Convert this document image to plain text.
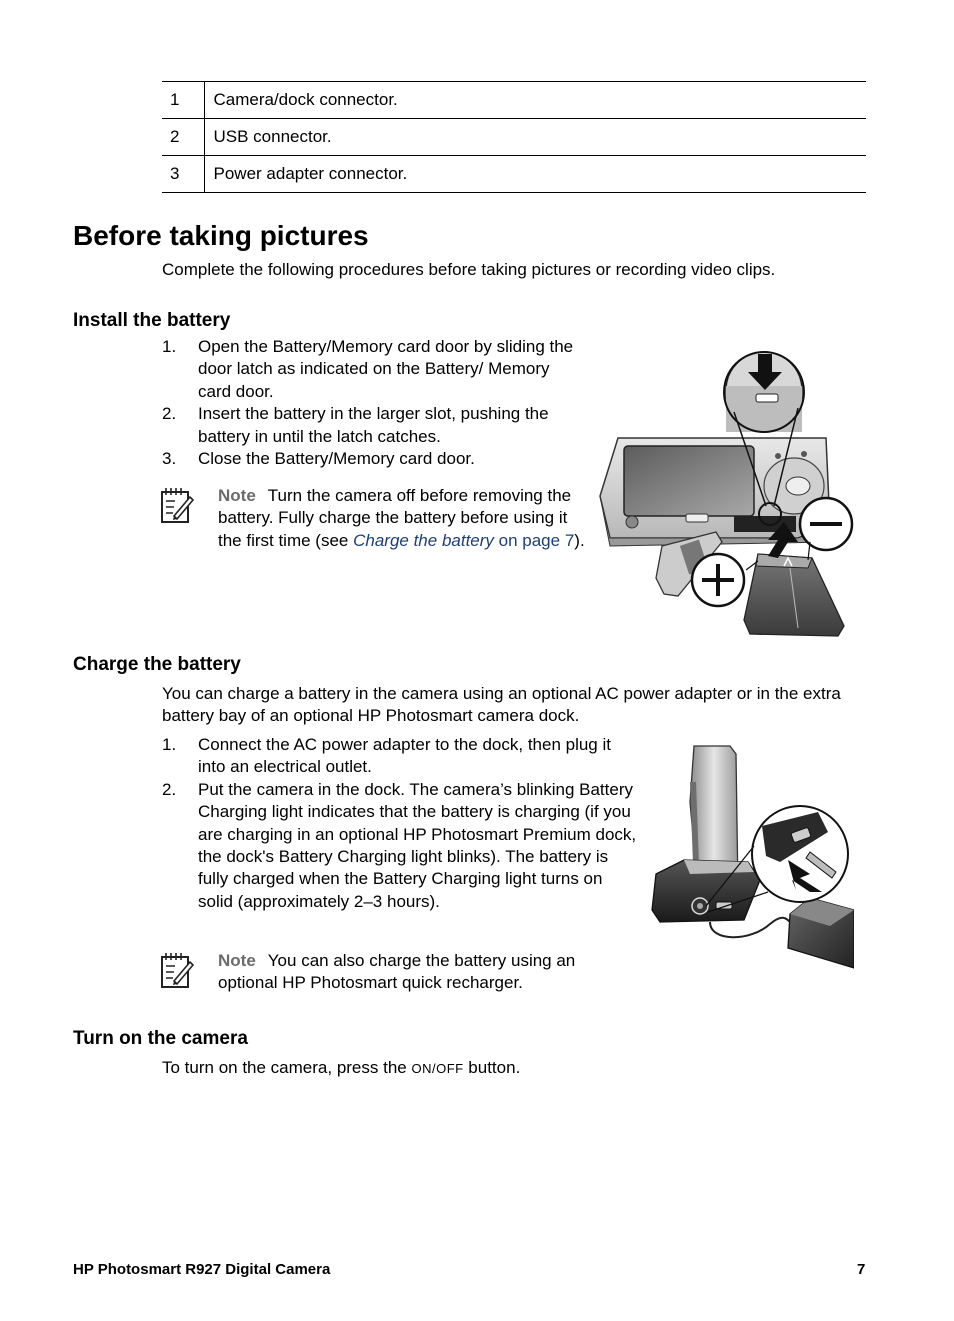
1	Camera/dock connector.
2	USB connector.
3	Power adapter connector.
Before taking pictures

Complete the following procedures before taking pictures or recording video clips.

Install the battery
1. Open the Battery/Memory card door by sliding the door latch as indicated on the Battery/ Memory card door.
2. Insert the battery in the larger slot, pushing the battery in until the latch catches.
3. Close the Battery/Memory card door.
Note Turn the camera off before removing the battery. Fully charge the battery before using it the first time (see Charge the battery on page 7).
Charge the battery

You can charge a battery in the camera using an optional AC power adapter or in the extra battery bay of an optional HP Photosmart camera dock.

1. Connect the AC power adapter to the dock, then plug it into an electrical outlet.
2. Put the camera in the dock. The camera’s blinking Battery Charging light indicates that the battery is charging (if you are charging in an optional HP Photosmart Premium dock, the dock's Battery Charging light blinks). The battery is fully charged when the Battery Charging light turns on solid (approximately 2–3 hours).
Note You can also charge the battery using an optional HP Photosmart quick recharger.
Turn on the camera

To turn on the camera, press the ON/OFF button.

HP Photosmart R927 Digital Camera	7
